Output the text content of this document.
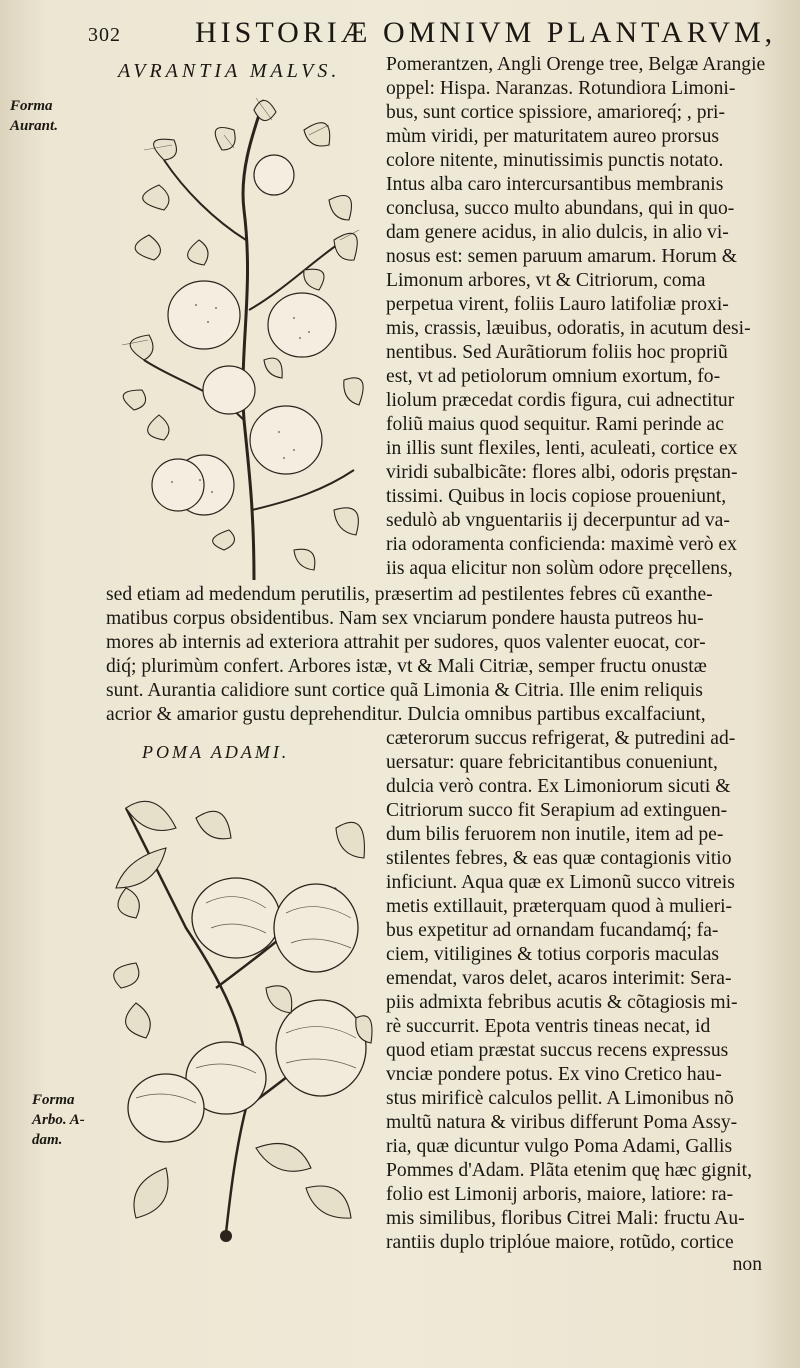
302 HISTORIÆ OMNIVM PLANTARVM,
AVRANTIA MALVS.
POMA ADAMI.
Forma
Aurant.
Forma
Arbo. A-
dam.
Pomerantzen, Angli Orenge tree, Belgæ Arangie
oppel: Hispa. Naranzas. Rotundiora Limoni-
bus, sunt cortice spissiore, amarioreq́; , pri-
mùm viridi, per maturitatem aureo prorsus
colore nitente, minutissimis punctis notato.
Intus alba caro intercursantibus membranis
conclusa, succo multo abundans, qui in quo-
dam genere acidus, in alio dulcis, in alio vi-
nosus est: semen paruum amarum. Horum &
Limonum arbores, vt & Citriorum, coma
perpetua virent, foliis Lauro latifoliæ proxi-
mis, crassis, læuibus, odoratis, in acutum desi-
nentibus. Sed Aurãtiorum foliis hoc propriũ
est, vt ad petiolorum omnium exortum, fo-
liolum præcedat cordis figura, cui adnectitur
foliũ maius quod sequitur. Rami perinde ac
in illis sunt flexiles, lenti, aculeati, cortice ex
viridi subalbicãte: flores albi, odoris pręstan-
tissimi. Quibus in locis copiose proueniunt,
sedulò ab vnguentariis ij decerpuntur ad va-
ria odoramenta conficienda: maximè verò ex
iis aqua elicitur non solùm odore pręcellens,
sed etiam ad medendum perutilis, præsertim ad pestilentes febres cũ exanthe-
matibus corpus obsidentibus. Nam sex vnciarum pondere hausta putreos hu-
mores ab internis ad exteriora attrahit per sudores, quos valenter euocat, cor-
diq́; plurimùm confert. Arbores istæ, vt & Mali Citriæ, semper fructu onustæ
sunt. Aurantia calidiore sunt cortice quã Limonia & Citria. Ille enim reliquis
acrior & amarior gustu deprehenditur. Dulcia omnibus partibus excalfaciunt,
cæterorum succus refrigerat, & putredini ad-
uersatur: quare febricitantibus conueniunt,
dulcia verò contra. Ex Limoniorum sicuti &
Citriorum succo fit Serapium ad extinguen-
dum bilis feruorem non inutile, item ad pe-
stilentes febres, & eas quæ contagionis vitio
inficiunt. Aqua quæ ex Limonũ succo vitreis
metis extillauit, præterquam quod à mulieri-
bus expetitur ad ornandam fucandamq́; fa-
ciem, vitiligines & totius corporis maculas
emendat, varos delet, acaros interimit: Sera-
piis admixta febribus acutis & cõtagiosis mi-
rè succurrit. Epota ventris tineas necat, id
quod etiam præstat succus recens expressus
vnciæ pondere potus. Ex vino Cretico hau-
stus mirificè calculos pellit. A Limonibus nõ
multũ natura & viribus differunt Poma Assy-
ria, quæ dicuntur vulgo Poma Adami, Gallis
Pommes d'Adam. Plãta etenim quę hæc gignit,
folio est Limonij arboris, maiore, latiore: ra-
mis similibus, floribus Citrei Mali: fructu Au-
rantiis duplo triplóue maiore, rotũdo, cortice
non
